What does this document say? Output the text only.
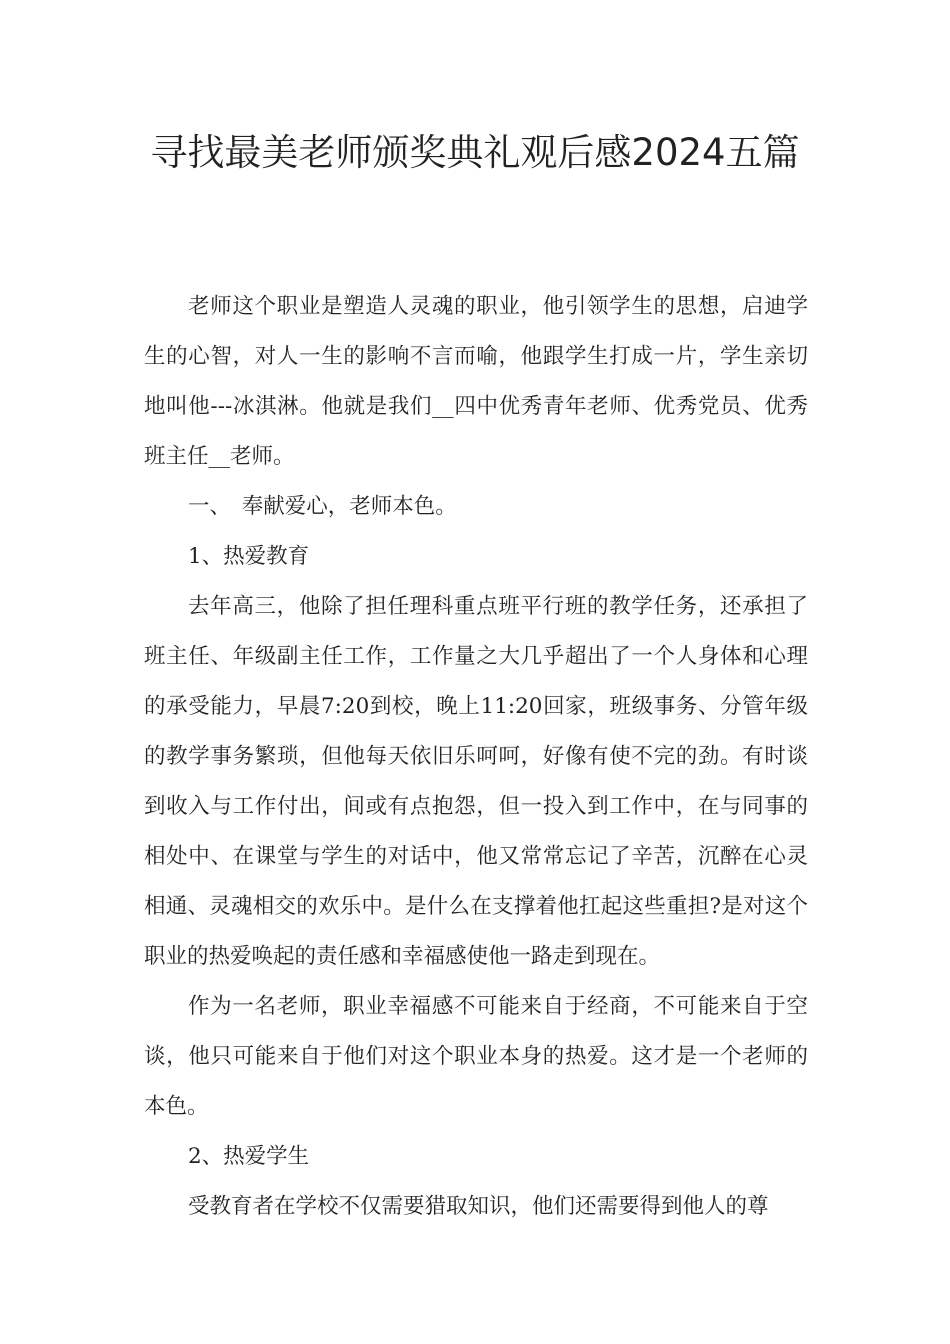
寻找最美老师颁奖典礼观后感2024五篇

老师这个职业是塑造人灵魂的职业，他引领学生的思想，启迪学生的心智，对人一生的影响不言而喻，他跟学生打成一片，学生亲切地叫他---冰淇淋。他就是我们__四中优秀青年老师、优秀党员、优秀班主任__老师。

一、　奉献爱心，老师本色。

1、热爱教育

去年高三，他除了担任理科重点班平行班的教学任务，还承担了班主任、年级副主任工作，工作量之大几乎超出了一个人身体和心理的承受能力，早晨7:20到校，晚上11:20回家，班级事务、分管年级的教学事务繁琐，但他每天依旧乐呵呵，好像有使不完的劲。有时谈到收入与工作付出，间或有点抱怨，但一投入到工作中，在与同事的相处中、在课堂与学生的对话中，他又常常忘记了辛苦，沉醉在心灵相通、灵魂相交的欢乐中。是什么在支撑着他扛起这些重担?是对这个职业的热爱唤起的责任感和幸福感使他一路走到现在。

作为一名老师，职业幸福感不可能来自于经商，不可能来自于空谈，他只可能来自于他们对这个职业本身的热爱。这才是一个老师的本色。

2、热爱学生

受教育者在学校不仅需要猎取知识，他们还需要得到他人的尊
